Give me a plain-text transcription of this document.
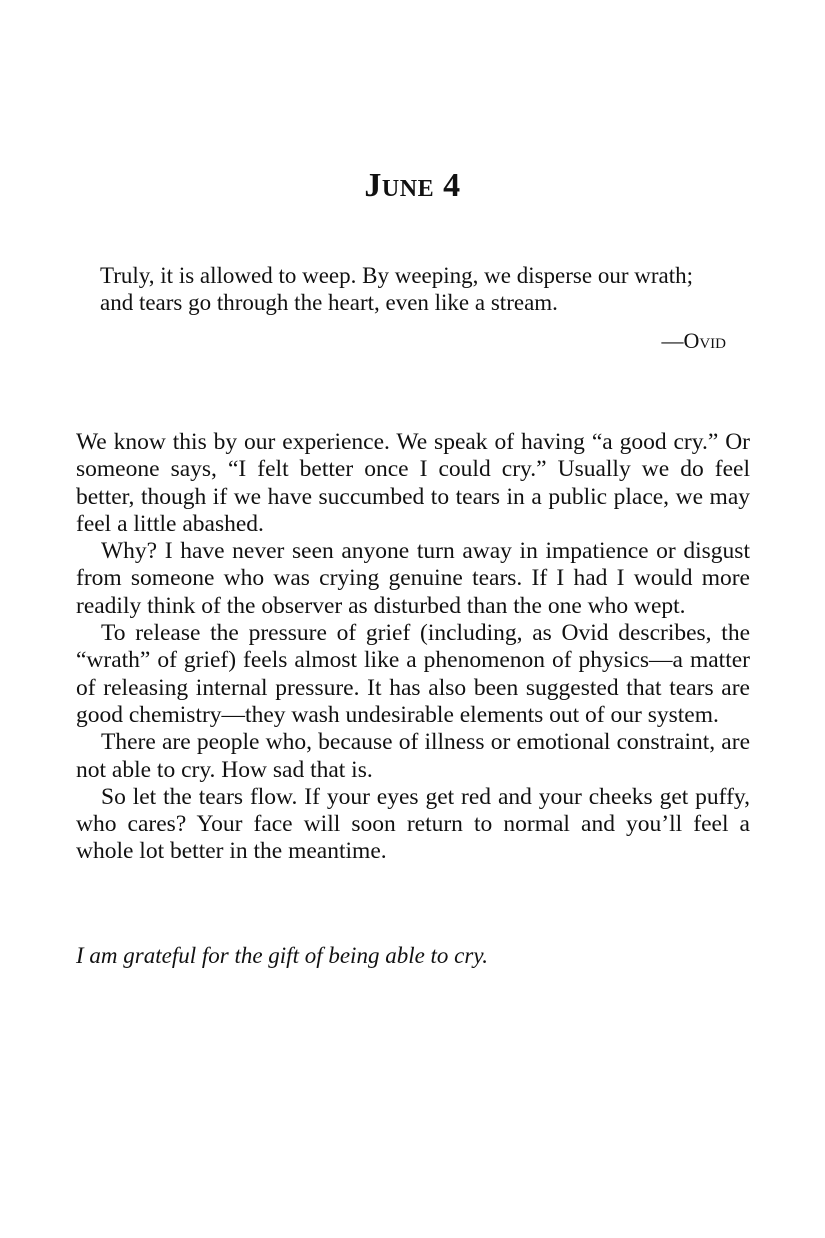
June 4

Truly, it is allowed to weep. By weeping, we disperse our wrath; and tears go through the heart, even like a stream.

—Ovid

We know this by our experience. We speak of having “a good cry.” Or someone says, “I felt better once I could cry.” Usually we do feel better, though if we have succumbed to tears in a public place, we may feel a little abashed.

Why? I have never seen anyone turn away in impatience or disgust from someone who was crying genuine tears. If I had I would more readily think of the observer as disturbed than the one who wept.

To release the pressure of grief (including, as Ovid describes, the “wrath” of grief) feels almost like a phenomenon of physics—a matter of releasing internal pressure. It has also been suggested that tears are good chemistry—they wash undesirable elements out of our system.

There are people who, because of illness or emotional constraint, are not able to cry. How sad that is.

So let the tears flow. If your eyes get red and your cheeks get puffy, who cares? Your face will soon return to normal and you’ll feel a whole lot better in the meantime.

I am grateful for the gift of being able to cry.
